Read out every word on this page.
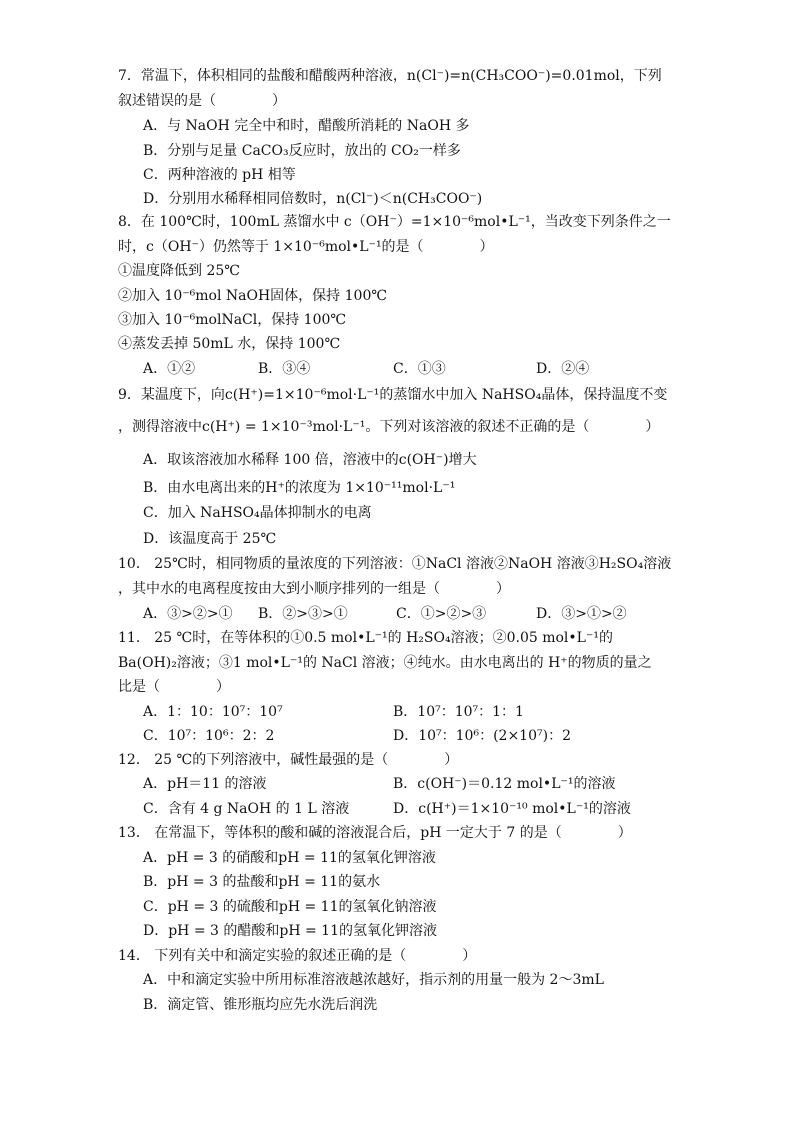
7．常温下，体积相同的盐酸和醋酸两种溶液，n(Cl⁻)=n(CH₃COO⁻)=0.01mol，下列
叙述错误的是（　　　　）
A．与 NaOH 完全中和时，醋酸所消耗的 NaOH 多
B．分别与足量 CaCO₃反应时，放出的 CO₂一样多
C．两种溶液的 pH 相等
D．分别用水稀释相同倍数时，n(Cl⁻)＜n(CH₃COO⁻)
8．在 100℃时，100mL 蒸馏水中 c（OH⁻）=1×10⁻⁶mol•L⁻¹，当改变下列条件之一
时，c（OH⁻）仍然等于 1×10⁻⁶mol•L⁻¹的是（　　　　）
①温度降低到 25℃
②加入 10⁻⁶mol NaOH固体，保持 100℃
③加入 10⁻⁶molNaCl，保持 100℃
④蒸发丢掉 50mL 水，保持 100℃
A．①②	B．③④	C．①③	D．②④
9．某温度下，向c(H⁺)=1×10⁻⁶mol·L⁻¹的蒸馏水中加入 NaHSO₄晶体，保持温度不变
，测得溶液中c(H⁺) = 1×10⁻³mol·L⁻¹。下列对该溶液的叙述不正确的是（　　　　）
A．取该溶液加水稀释 100 倍，溶液中的c(OH⁻)增大
B．由水电离出来的H⁺的浓度为 1×10⁻¹¹mol·L⁻¹
C．加入 NaHSO₄晶体抑制水的电离
D．该温度高于 25℃
10． 25℃时，相同物质的量浓度的下列溶液：①NaCl 溶液②NaOH 溶液③H₂SO₄溶液
，其中水的电离程度按由大到小顺序排列的一组是（　　　　）
A．③>②>① B．②>③>①	C．①>②>③	D．③>①>②
11． 25 ℃时，在等体积的①0.5 mol•L⁻¹的 H₂SO₄溶液；②0.05 mol•L⁻¹的
Ba(OH)₂溶液；③1 mol•L⁻¹的 NaCl 溶液；④纯水。由水电离出的 H⁺的物质的量之
比是（　　　　）
A．1：10：10⁷：10⁷	B．10⁷：10⁷：1：1
C．10⁷：10⁶：2：2	D．10⁷：10⁶：(2×10⁷)：2
12． 25 ℃的下列溶液中，碱性最强的是（　　　　）
A．pH＝11 的溶液	B．c(OH⁻)＝0.12 mol•L⁻¹的溶液
C．含有 4 g NaOH 的 1 L 溶液	D．c(H⁺)＝1×10⁻¹⁰ mol•L⁻¹的溶液
13． 在常温下，等体积的酸和碱的溶液混合后，pH 一定大于 7 的是（　　　　）
A．pH = 3 的硝酸和pH = 11的氢氧化钾溶液
B．pH = 3 的盐酸和pH = 11的氨水
C．pH = 3 的硫酸和pH = 11的氢氧化钠溶液
D．pH = 3 的醋酸和pH = 11的氢氧化钾溶液
14． 下列有关中和滴定实验的叙述正确的是（　　　　）
A．中和滴定实验中所用标准溶液越浓越好，指示剂的用量一般为 2～3mL
B．滴定管、锥形瓶均应先水洗后润洗
